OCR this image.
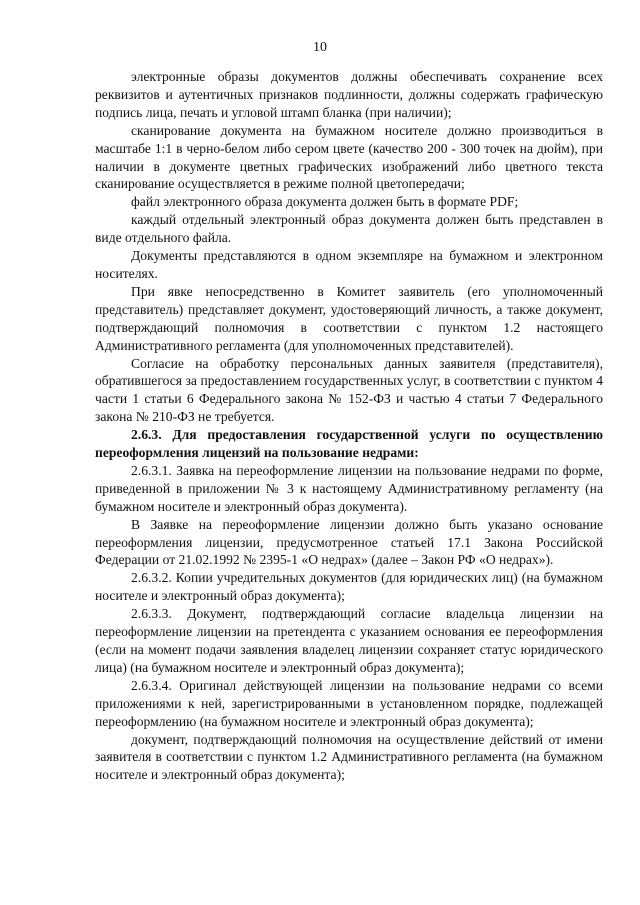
10

электронные образы документов должны обеспечивать сохранение всех реквизитов и аутентичных признаков подлинности, должны содержать графическую подпись лица, печать и угловой штамп бланка (при наличии);

сканирование документа на бумажном носителе должно производиться в масштабе 1:1 в черно-белом либо сером цвете (качество 200 - 300 точек на дюйм), при наличии в документе цветных графических изображений либо цветного текста сканирование осуществляется в режиме полной цветопередачи;

файл электронного образа документа должен быть в формате PDF;

каждый отдельный электронный образ документа должен быть представлен в виде отдельного файла.

Документы представляются в одном экземпляре на бумажном и электронном носителях.

При явке непосредственно в Комитет заявитель (его уполномоченный представитель) представляет документ, удостоверяющий личность, а также документ, подтверждающий полномочия в соответствии с пунктом 1.2 настоящего Административного регламента (для уполномоченных представителей).

Согласие на обработку персональных данных заявителя (представителя), обратившегося за предоставлением государственных услуг, в соответствии с пунктом 4 части 1 статьи 6 Федерального закона № 152-ФЗ и частью 4 статьи 7 Федерального закона № 210-ФЗ не требуется.

2.6.3. Для предоставления государственной услуги по осуществлению переоформления лицензий на пользование недрами:

2.6.3.1. Заявка на переоформление лицензии на пользование недрами по форме, приведенной в приложении № 3 к настоящему Административному регламенту (на бумажном носителе и электронный образ документа).

В Заявке на переоформление лицензии должно быть указано основание переоформления лицензии, предусмотренное статьей 17.1 Закона Российской Федерации от 21.02.1992 № 2395-1 «О недрах» (далее – Закон РФ «О недрах»).

2.6.3.2. Копии учредительных документов (для юридических лиц) (на бумажном носителе и электронный образ документа);

2.6.3.3. Документ, подтверждающий согласие владельца лицензии на переоформление лицензии на претендента с указанием основания ее переоформления (если на момент подачи заявления владелец лицензии сохраняет статус юридического лица) (на бумажном носителе и электронный образ документа);

2.6.3.4. Оригинал действующей лицензии на пользование недрами со всеми приложениями к ней, зарегистрированными в установленном порядке, подлежащей переоформлению (на бумажном носителе и электронный образ документа);

документ, подтверждающий полномочия на осуществление действий от имени заявителя в соответствии с пунктом 1.2 Административного регламента (на бумажном носителе и электронный образ документа);
